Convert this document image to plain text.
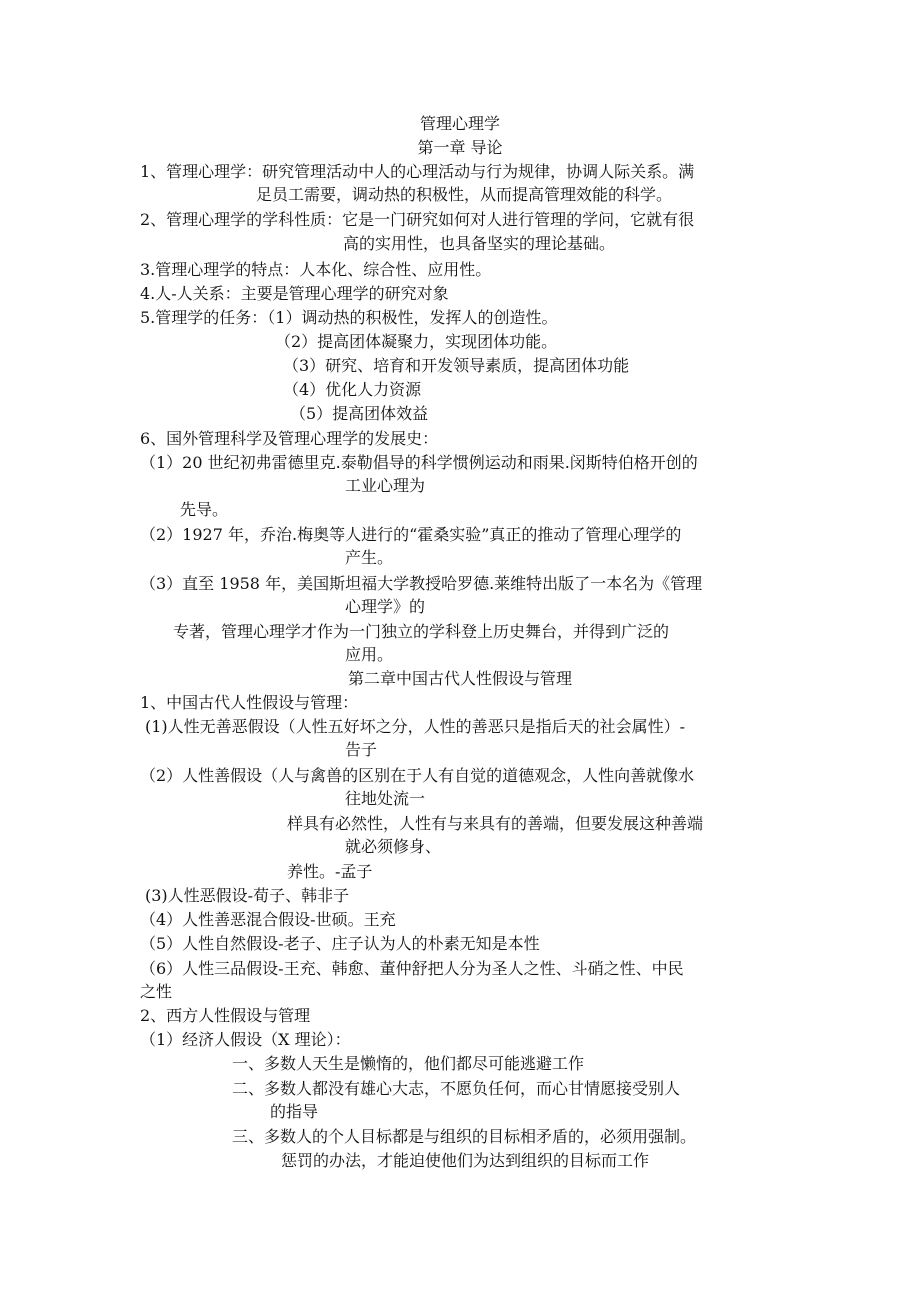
管理心理学
第一章 导论
1、管理心理学：研究管理活动中人的心理活动与行为规律，协调人际关系。满
足员工需要，调动热的积极性，从而提高管理效能的科学。
2、管理心理学的学科性质：它是一门研究如何对人进行管理的学问，它就有很
高的实用性，也具备坚实的理论基础。
3.管理心理学的特点：人本化、综合性、应用性。
4.人-人关系：主要是管理心理学的研究对象
5.管理学的任务：（1）调动热的积极性，发挥人的创造性。
（2）提高团体凝聚力，实现团体功能。
（3）研究、培育和开发领导素质，提高团体功能
（4）优化人力资源
（5）提高团体效益
6、国外管理科学及管理心理学的发展史：
（1）20 世纪初弗雷德里克.泰勒倡导的科学惯例运动和雨果.闵斯特伯格开创的
工业心理为
先导。
（2）1927 年，乔治.梅奥等人进行的“霍桑实验”真正的推动了管理心理学的
产生。
（3）直至 1958 年，美国斯坦福大学教授哈罗德.莱维特出版了一本名为《管理
心理学》的
专著，管理心理学才作为一门独立的学科登上历史舞台，并得到广泛的
应用。
第二章中国古代人性假设与管理
1、中国古代人性假设与管理：
(1)人性无善恶假设（人性五好坏之分，人性的善恶只是指后天的社会属性）-
告子
（2）人性善假设（人与禽兽的区别在于人有自觉的道德观念，人性向善就像水
往地处流一
样具有必然性，人性有与来具有的善端，但要发展这种善端
就必须修身、
养性。-孟子
(3)人性恶假设-荀子、韩非子
（4）人性善恶混合假设-世硕。王充
（5）人性自然假设-老子、庄子认为人的朴素无知是本性
（6）人性三品假设-王充、韩愈、董仲舒把人分为圣人之性、斗硝之性、中民
之性
2、西方人性假设与管理
（1）经济人假设（X 理论）：
一、多数人天生是懒惰的，他们都尽可能逃避工作
二、多数人都没有雄心大志，不愿负任何，而心甘情愿接受别人
的指导
三、多数人的个人目标都是与组织的目标相矛盾的，必须用强制。
惩罚的办法，才能迫使他们为达到组织的目标而工作
